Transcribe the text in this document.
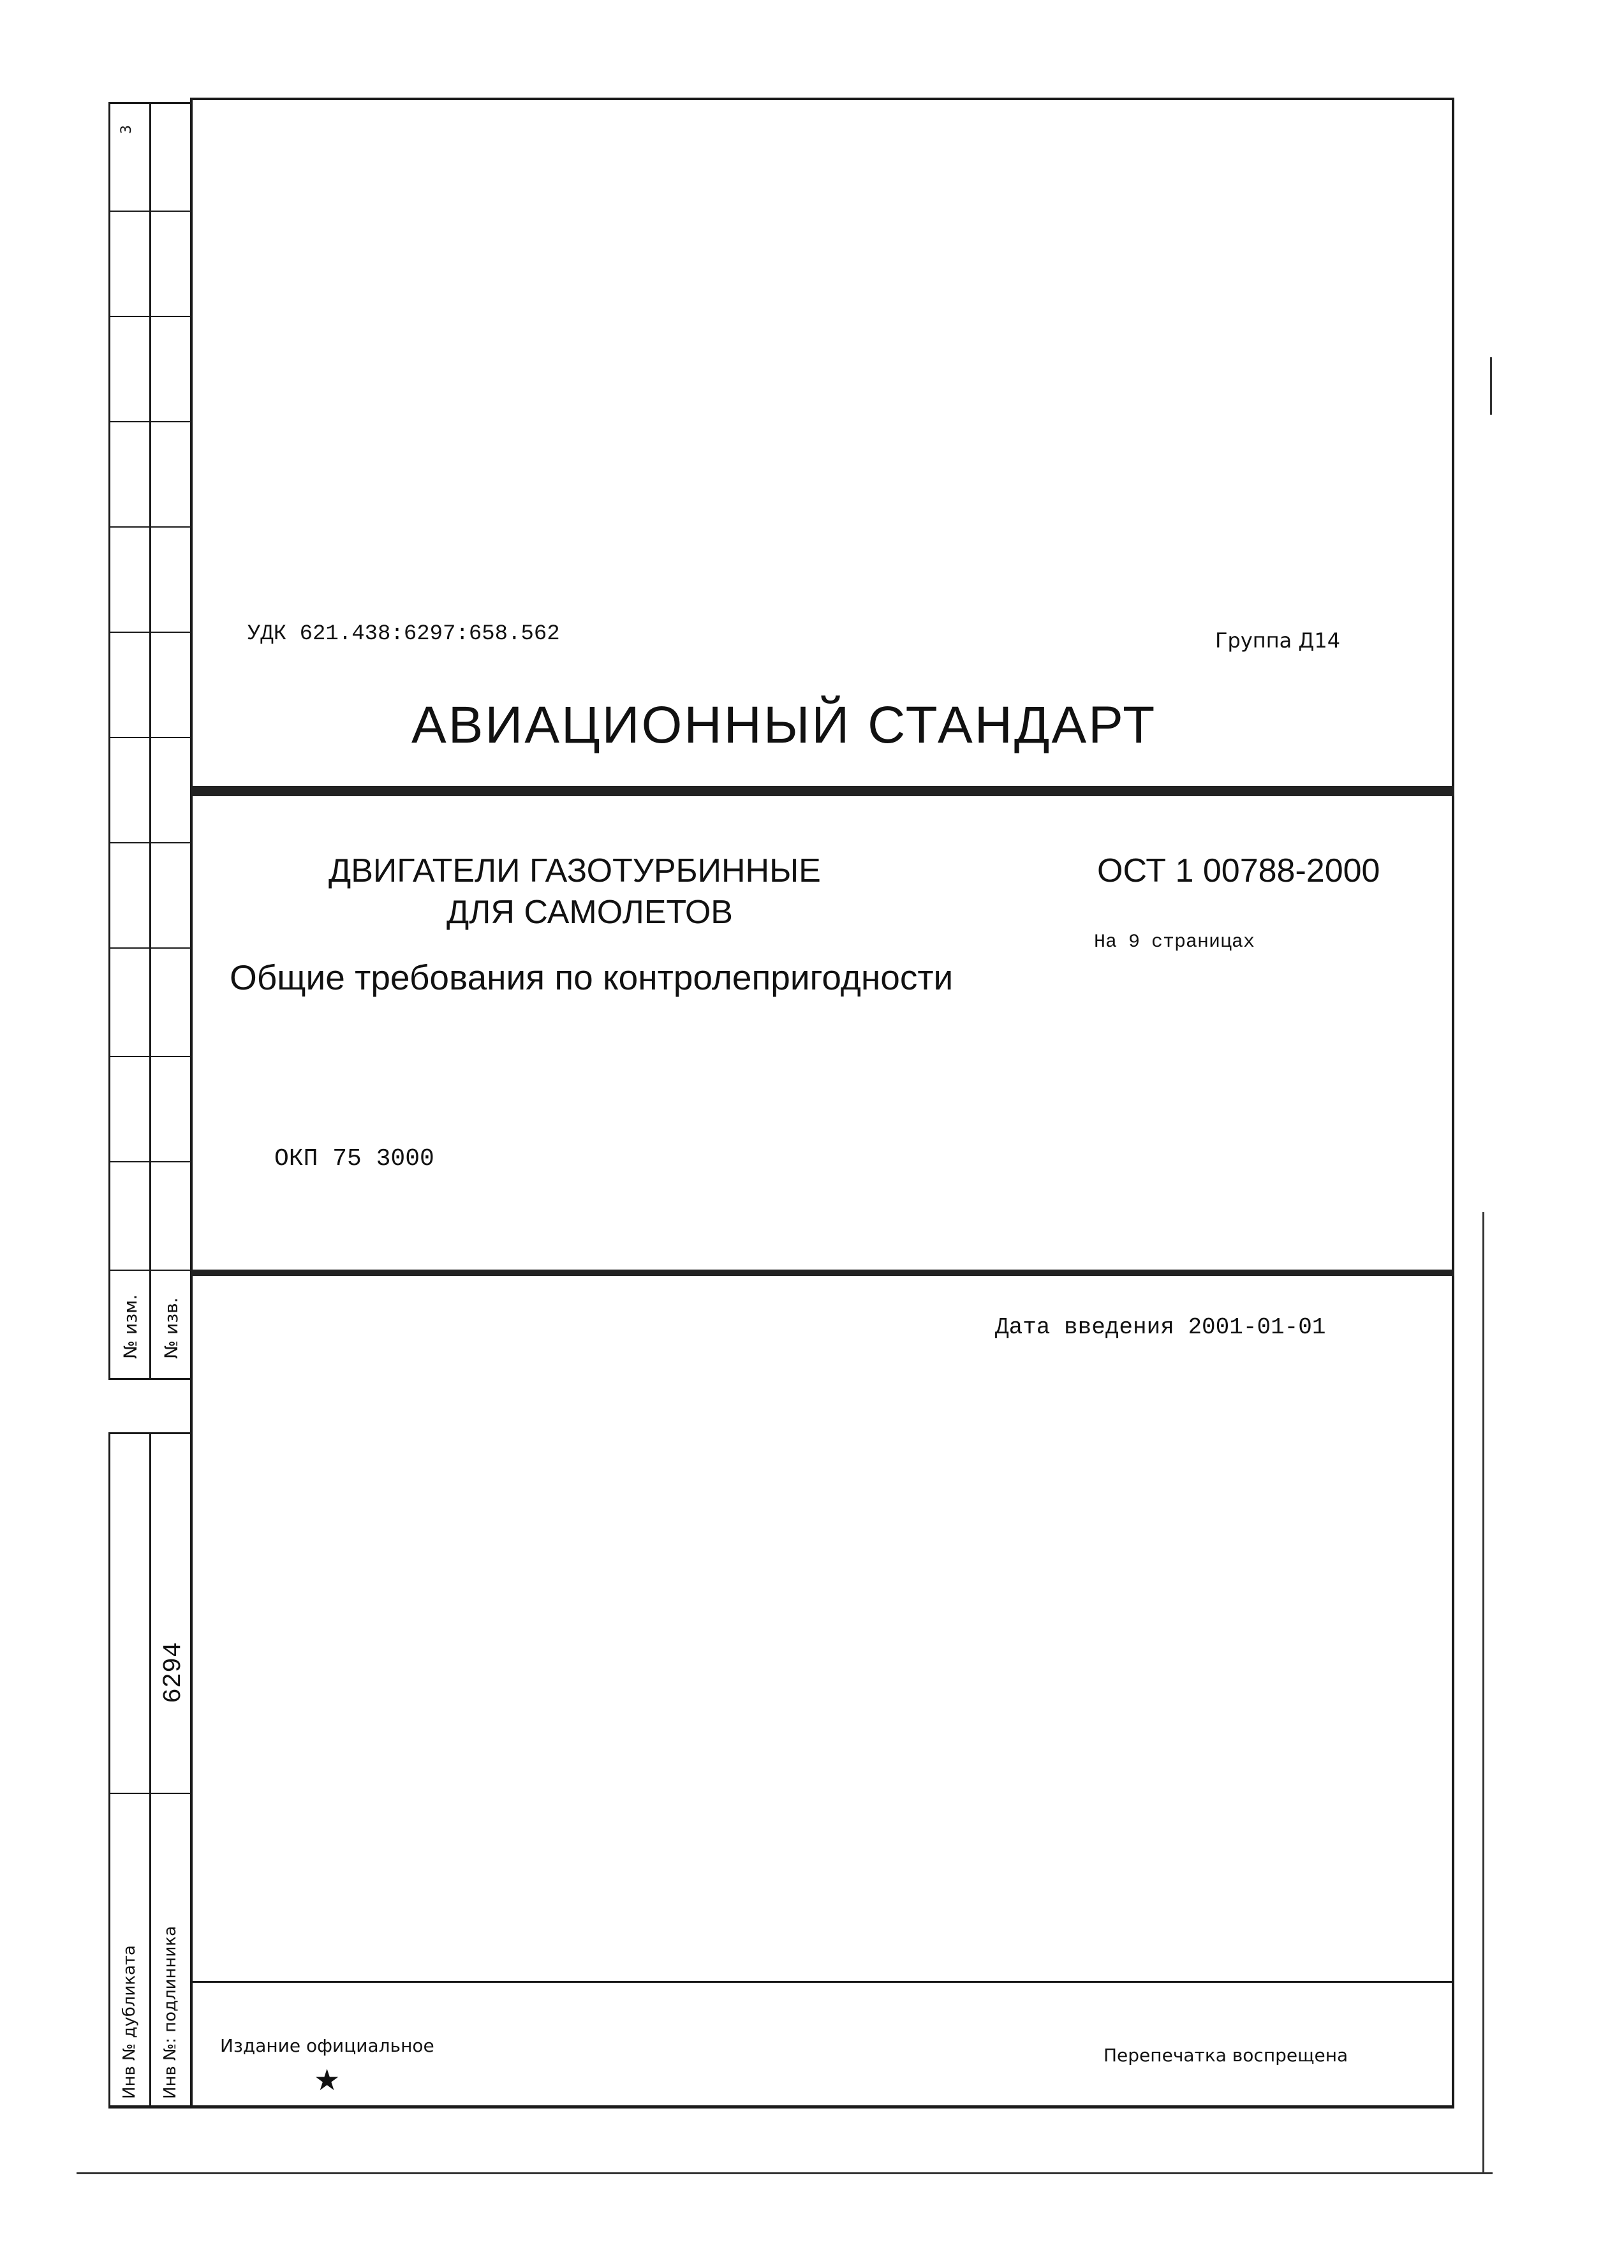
3
№ изм. № изв.
6294
Инв № дубликата Инв №: подлинника
УДК 621.438:6297:658.562	Группа Д14
АВИАЦИОННЫЙ СТАНДАРТ
ДВИГАТЕЛИ ГАЗОТУРБИННЫЕ
ДЛЯ САМОЛЕТОВ
Общие требования по контролепригодности
ОСТ 1 00788-2000
На 9 страницах
ОКП 75 3000
Дата введения 2001-01-01
Издание официальное	Перепечатка воспрещена
★
